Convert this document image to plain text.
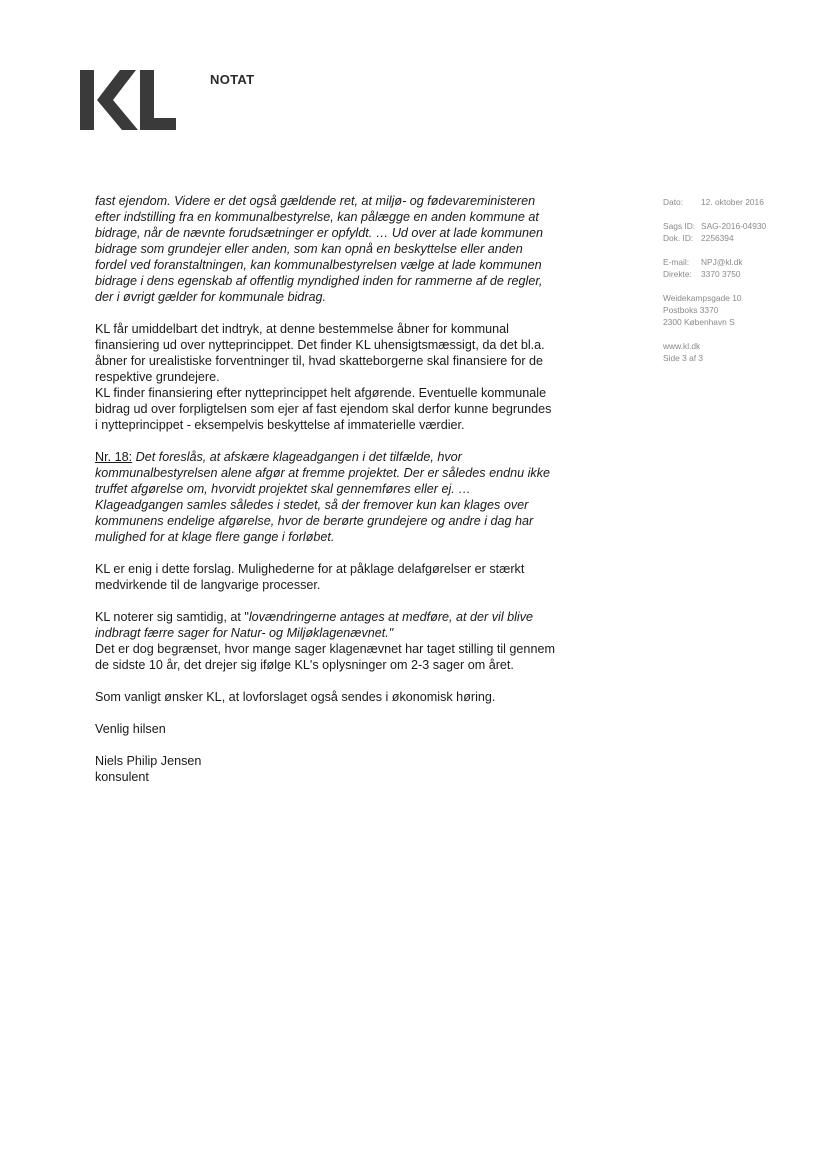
NOTAT
Dato: 12. oktober 2016
Sags ID: SAG-2016-04930
Dok. ID: 2256394
E-mail: NPJ@kl.dk
Direkte: 3370 3750
Weidekampsgade 10
Postboks 3370
2300 København S
www.kl.dk
Side 3 af 3

fast ejendom. Videre er det også gældende ret, at miljø- og fødevareministeren efter indstilling fra en kommunalbestyrelse, kan pålægge en anden kommune at bidrage, når de nævnte forudsætninger er opfyldt. … Ud over at lade kommunen bidrage som grundejer eller anden, som kan opnå en beskyttelse eller anden fordel ved foranstaltningen, kan kommunalbestyrelsen vælge at lade kommunen bidrage i dens egenskab af offentlig myndighed inden for rammerne af de regler, der i øvrigt gælder for kommunale bidrag.

KL får umiddelbart det indtryk, at denne bestemmelse åbner for kommunal finansiering ud over nytteprincippet. Det finder KL uhensigtsmæssigt, da det bl.a. åbner for urealistiske forventninger til, hvad skatteborgerne skal finansiere for de respektive grundejere.
KL finder finansiering efter nytteprincippet helt afgørende. Eventuelle kommunale bidrag ud over forpligtelsen som ejer af fast ejendom skal derfor kunne begrundes i nytteprincippet - eksempelvis beskyttelse af immaterielle værdier.

Nr. 18: Det foreslås, at afskære klageadgangen i det tilfælde, hvor kommunalbestyrelsen alene afgør at fremme projektet. Der er således endnu ikke truffet afgørelse om, hvorvidt projektet skal gennemføres eller ej. … Klageadgangen samles således i stedet, så der fremover kun kan klages over kommunens endelige afgørelse, hvor de berørte grundejere og andre i dag har mulighed for at klage flere gange i forløbet.

KL er enig i dette forslag. Mulighederne for at påklage delafgørelser er stærkt medvirkende til de langvarige processer.

KL noterer sig samtidig, at "lovændringerne antages at medføre, at der vil blive indbragt færre sager for Natur- og Miljøklagenævnet."
Det er dog begrænset, hvor mange sager klagenævnet har taget stilling til gennem de sidste 10 år, det drejer sig ifølge KL's oplysninger om 2-3 sager om året.

Som vanligt ønsker KL, at lovforslaget også sendes i økonomisk høring.

Venlig hilsen

Niels Philip Jensen
konsulent
